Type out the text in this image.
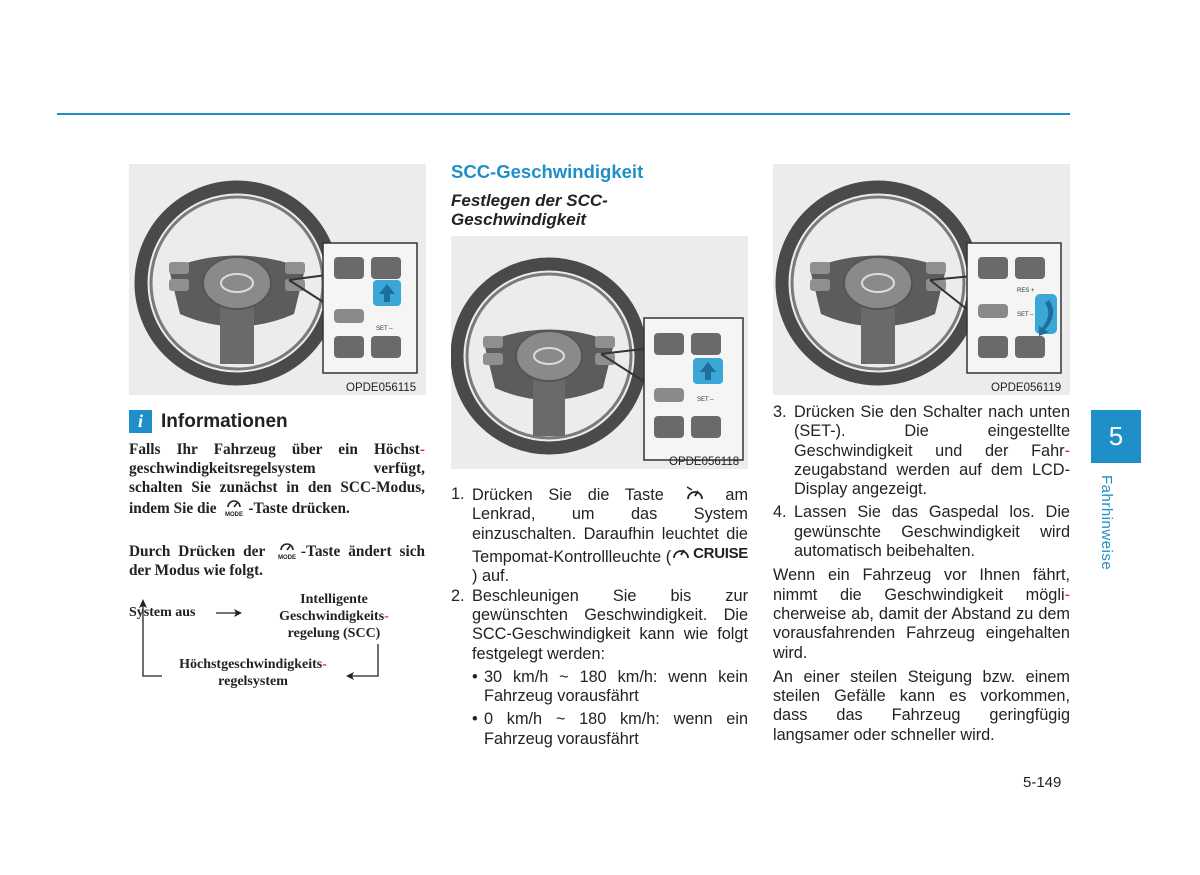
SET –
OPDE056115
i Informationen
Falls Ihr Fahrzeug über ein Höchst- geschwindigkeitsregelsystem verfügt, schalten Sie zunächst in den SCC-Modus, indem Sie die MODE -Taste drücken.
Durch Drücken der MODE -Taste ändert sich der Modus wie folgt.
System aus
Intelligente
Geschwindigkeits-
regelung (SCC)
Höchstgeschwindigkeits-
regelsystem
SCC-Geschwindigkeit
Festlegen der SCC-
Geschwindigkeit
SET –
OPDE056118
1. Drücken Sie die Taste	am Lenkrad, um das System einzuschalten. Daraufhin leuchtet die Tempomat-Kontrollleuchte ( CRUISE
) auf.
2. Beschleunigen Sie bis zur gewünschten Geschwindigkeit. Die SCC-Geschwindigkeit kann wie folgt festgelegt werden:
• 30 km/h ~ 180 km/h: wenn kein Fahrzeug vorausfährt
• 0 km/h ~ 180 km/h: wenn ein Fahrzeug vorausfährt
RES +
SET –
OPDE056119
3. Drücken Sie den Schalter nach unten (SET-). Die eingestellte Geschwindigkeit und der Fahr- zeugabstand werden auf dem LCD-Display angezeigt.
4. Lassen Sie das Gaspedal los. Die gewünschte Geschwindigkeit wird automatisch beibehalten.
Wenn ein Fahrzeug vor Ihnen fährt, nimmt die Geschwindigkeit mögli- cherweise ab, damit der Abstand zu dem vorausfahrenden Fahrzeug eingehalten wird.
An einer steilen Steigung bzw. einem steilen Gefälle kann es vorkommen, dass das Fahrzeug geringfügig langsamer oder schneller wird.
5
Fahrhinweise
5-149
